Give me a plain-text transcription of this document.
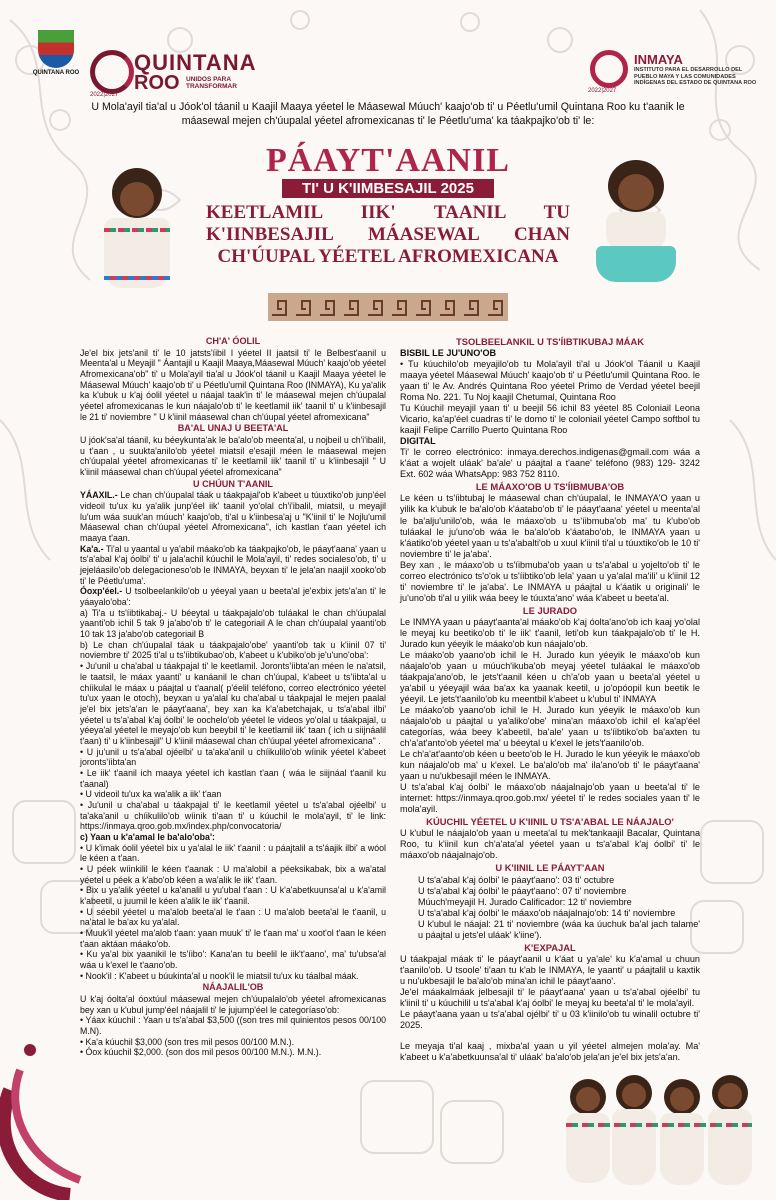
QUINTANA ROO QUINTANA
ROO UNIDOS PARA TRANSFORMAR
2022|2027
2022|2027
INMAYA
INSTITUTO PARA EL DESARROLLO DEL PUEBLO MAYA Y LAS COMUNIDADES INDÍGENAS DEL ESTADO DE QUINTANA ROO
U Mola'ayil tia'al u Jóok'ol táanil u Kaajil Maaya yéetel le Máasewal Múuch' kaajo'ob ti' u Péetlu'umil Quintana Roo ku t'aanik le máasewal mejen ch'úupalal yéetel afromexicanas ti' le Péetlu'uma' ka táakpajko'ob ti' le:
PÁAYT'AANIL
TI' U K'IIMBESAJIL 2025
KEETLAMIL IIK' TAANIL TU K'IINBESAJIL MÁASEWAL CHAN CH'ÚUPAL YÉETEL AFROMEXICANA
CH'A' ÓOLIL

Je'el bix jets'anil ti' le 10 jatsts'íibil I yéetel II jaatsil ti' le Belbest'aanil u Meenta'al u Meyajil " Áantajil u Kaajil Maaya,Máasewal Múuch' kaajo'ob yéetel Afromexicana'ob" ti' u Mola'ayil tia'al u Jóok'ol táanil u Kaajil Maaya yéetel le Máasewal Múuch' kaajo'ob ti' u Péetlu'umil Quintana Roo (INMAYA), Ku ya'alik ka k'ubuk u k'aj óolil yéetel u náajal taak'in ti' le máasewal mejen ch'úupalal yéetel afromexicanas le kun náajalo'ob ti' le keetlamil iik' taanil ti' u k'iinbesajil le 21 ti' noviembre " U k'iinil máasewal chan ch'úupal yéetel afromexicana"

BA'AL UNAJ U BEETA'AL

U jóok'sa'al táanil, ku béeykunta'ak le ba'alo'ob meenta'al, u nojbeil u ch'i'ibalil, u t'aan , u suukta'anilo'ob yéetel miatsil e'esajil méen le máasewal mejen ch'úupalal yéetel afromexicanas ti' le keetlamil iik' taanil ti' u k'iinbesajil " U k'iinil máasewal chan ch'úupal yéetel afromexicana"

U CHÚUN T'AANIL

YÁAXIL.- Le chan ch'úupalal táak u táakpajal'ob k'abeet u túuxtiko'ob junp'éel videoil tu'ux ku ya'alik junp'éel iik' taanil yo'olal ch'i'ibalil, miatsil, u meyajil lu'um wáa suuk'an múuch' kaajo'ob, ti'al u k'iinbesa'aj u "K'iinil ti' le Nojlu'umil Máasewal chan ch'úupal yéetel Afromexicana", ich kastlan t'aan yéetel ich maaya t'aan.

Ka'a.- Ti'al u yaantal u ya'abil máako'ob ka táakpajko'ob, le páayt'aana' yaan u ts'a'abal k'aj óolbi' ti' u jala'achil kúuchil le Mola'ayil, ti' redes socialeso'ob, ti' u jejeláasilo'ob delegacioneso'ob le INMAYA, beyxan ti' le jela'an naajil xooko'ob ti' le Péetlu'uma'.

Óoxp'éel.- U tsolbeelankilo'ob u yéeyal yaan u beeta'al je'exbix jets'a'an ti' le yáayalo'oba':

a) Ti'a u ts'íibtikabaj.- U béeytal u táakpajalo'ob tuláakal le chan ch'úupalal yaanti'ob ichil 5 tak 9 ja'abo'ob ti' le categoriail A le chan ch'úupalal yaanti'ob 10 tak 13 ja'abo'ob categoriail B

b) Le chan ch'úupalal táak u táakpajalo'obe' yaanti'ob tak u k'iinil 07 ti' noviembre ti' 2025 ti'al u ts'íibtikubao'ob, k'abeet u k'ubiko'ob je'u'uno'oba':

• Ju'unil u cha'abal u táakpajal ti' le keetlamil. Joronts'íibta'an méen le na'atsil, le taatsil, le máax yaantí' u kanáanil le chan ch'úupal, k'abeet u ts'íibta'al u chíikulal le máax u páajtal u t'aanal( p'éelil teléfono, correo electrónico yéetel tu'ux yaan le otoch), beyxan u ya'alal ku cha'abal u táakpajal le mejen paalal je'el bix jets'a'an le páayt'aana', bey xan ka k'a'abetchajak, u ts'a'abal ilbi' yéetel u ts'a'abal k'aj óolbi' le oochelo'ob yéetel le videos yo'olal u táakpajal, u yéeya'al yéetel le meyajo'ob kun beeybil ti' le keetlamil iik' taan ( ich u siijnáalil t'aan) ti' u k'iinbesajil" U k'iinil máasewal chan ch'úupal yéetel afromexicana" .

• U ju'unil u ts'a'abal ojéelbi' u ta'aka'anil u chíikulilo'ob wíinik yéetel k'abeet joronts'íibta'an

• Le iik' t'aanil ich maaya yéetel ich kastlan t'aan ( wáa le siijnáal t'aanil ku t'aanal)

• U videoil tu'ux ka wa'alik a iik' t'aan

• Ju'unil u cha'abal u táakpajal ti' le keetlamil yéetel u ts'a'abal ojéelbi' u ta'aka'anil u chíikulilo'ob wíinik ti'aan ti' u kúuchil le mola'ayil, ti' le link: https://inmaya.qroo.gob.mx/index.php/convocatoria/

c) Yaan u k'a'amal le ba'alo'oba':

• U k'imak óolil yéetel bix u ya'alal le iik' t'aanil : u páajtalil a ts'áajik ilbi' a wóol le kéen a t'aan.

• U péek wíinkilil le kéen t'aanak : U ma'alobil a péeksikabak, bix a wa'atal yéetel u péek a k'abo'ob kéen a wa'alik le iik' t'aan.

• Bix u ya'alik yéetel u ka'analil u yu'ubal t'aan : U k'a'abetkuunsa'al u k'a'amil k'abeetil, u juumil le kéen a'alik le iik' t'aanil.

• U séebil yéetel u ma'alob beeta'al le t'aan : U ma'alob beeta'al le t'aanil, u na'atal le ba'ax ku ya'alal.

• Muuk'il yéetel ma'alob t'aan: yaan muuk' ti' le t'aan ma' u xoot'ol t'aan le kéen t'aan aktáan máako'ob.

• Ku ya'al bix yaanikil le ts'íibo': Kana'an tu beelil le iik't'aano', ma' tu'ubsa'al wáa u k'exel le t'aano'ob.

• Nook'il : K'abeet u búukinta'al u nook'il le miatsil tu'ux ku táalbal máak.

NÁAJALIL'OB

U k'aj óolta'al óoxtúul máasewal mejen ch'úupalalo'ob yéetel afromexicanas bey xan u k'ubul jump'éel náajalil ti' le jujump'éel le categoríaso'ob:

• Yáax kúuchil : Yaan u ts'a'abal $3,500 ((son tres mil quinientos pesos 00/100 M.N).

• Ka'a kúuchil $3,000 (son tres mil pesos 00/100 M.N.).

• Óox kúuchil $2,000. (son dos mil pesos 00/100 M.N.). M.N.).

TSOLBEELANKIL U TS'ÍIBTIKUBAJ MÁAK

BISBIL LE JU'UNO'OB

• Tu kúuchilo'ob meyajilo'ob tu Mola'ayil ti'al u Jóok'ol Táanil u Kaajil maaya yéetel Máasewal Múuch' kaajo'ob ti' u Péetlu'umil Quintana Roo. le yaan ti' le Av. Andrés Quintana Roo yéetel Primo de Verdad yéetel beejil Roma No. 221. Tu Noj kaajil Chetumal, Quintana Roo

Tu Kúuchil meyajil yaan ti' u beejil 56 ichil 83 yéetel 85 Coloniail Leona Vicario, ka'ap'éel cuadras ti' le domo ti' le coloniail yéetel Campo softbol tu kaajil Felipe Carrillo Puerto Quintana Roo

DIGITAL

Ti' le correo electrónico: inmaya.derechos.indigenas@gmail.com wáa a k'áat a wojelt uláak' ba'ale' u páajtal a t'aane' teléfono (983) 129- 3242 Ext. 602 wáa WhatsApp: 983 752 8110.

LE MÁAXO'OB U TS'ÍIBMUBA'OB

Le kéen u ts'íibtubaj le máasewal chan ch'úupalal, le INMAYA'O yaan u yilik ka k'ubuk le ba'alo'ob k'áatabo'ob ti' le páayt'aana' yéetel u meenta'al le ba'alju'unilo'ob, wáa le máaxo'ob u ts'íibmuba'ob ma' tu k'ubo'ob tuláakal le ju'uno'ob wáa le ba'alo'ob k'áatabo'ob, le INMAYA yaan u k'áatiko'ob yéetel yaan u ts'a'abalti'ob u xuul k'iinil ti'al u túuxtiko'ob le 10 ti' noviembre ti' le ja'aba'.

Bey xan , le máaxo'ob u ts'íibmuba'ob yaan u ts'a'abal u yojelto'ob ti' le correo electrónico ts'o'ok u ts'íibtiko'ob lela' yaan u ya'alal ma'ili' u k'iinil 12 ti' noviembre ti' le ja'aba'. Le INMAYA u páajtal u k'áatik u originali' le ju'uno'ob ti'al u yilik wáa beey le túuxta'ano' wáa k'abeet u beeta'al.

LE JURADO

Le INMYA yaan u páayt'aanta'al máako'ob k'aj óolta'ano'ob ich kaaj yo'olal le meyaj ku beetiko'ob ti' le iik' t'aanil, leti'ob kun táakpajalo'ob ti' le H. Jurado kun yéeyik le máako'ob kun náajalo'ob.

Le máako'ob yaano'ob ichil le H. Jurado kun yéeyik le máaxo'ob kun náajalo'ob yaan u múuch'ikuba'ob meyaj yéetel tuláakal le máaxo'ob táakpaja'ano'ob, le jets't'aanil kéen u ch'a'ob yaan u beeta'al yéetel u ya'abil u yéeyajil wáa ba'ax ka yaanak keetil, u jo'opóopil kun beetik le yéeyil. Le jets't'aanilo'ob ku meentbil k'abeet u k'ubul ti' INMAYA

Le máako'ob yaano'ob ichil le H. Jurado kun yéeyik le máaxo'ob kun náajalo'ob u páajtal u ya'aliko'obe' mina'an máaxo'ob ichil el ka'ap'éel categorías, wáa beey k'abeetil, ba'ale' yaan u ts'íibtiko'ob ba'axten tu ch'a'at'anto'ob yéetel ma' u béeytal u k'exel le jets't'aanilo'ob.

Le ch'a'at'aanto'ob kéen u beeto'ob le H. Jurado le kun yéeyik le máaxo'ob kun náajalo'ob ma' u k'exel. Le ba'alo'ob ma' ila'ano'ob ti' le páayt'aana' yaan u nu'ukbesajil méen le INMAYA.

U ts'a'abal k'aj óolbi' le máaxo'ob náajalnajo'ob yaan u beeta'al ti' le internet: https://inmaya.qroo.gob.mx/ yéetel ti' le redes sociales yaan ti' le mola'ayil.

KÚUCHIL YÉETEL U K'IINIL U TS'A'ABAL LE NÁAJALO'

U k'ubul le náajalo'ob yaan u meeta'al tu mek'tankaajil Bacalar, Quintana Roo, tu k'iinil kun ch'a'ata'al yéetel yaan u ts'a'abal k'aj óolbi' ti' le máaxo'ob náajalnajo'ob.

U K'IINIL LE PÁAYT'AAN

U ts'a'abal k'aj óolbi' le páayt'aano': 03 ti' octubre

U ts'a'abal k'aj óolbi' le páayt'aano': 07 ti' noviembre

Múuch'meyajil H. Jurado Calificador: 12 ti' noviembre

U ts'a'abal k'aj óolbi' le máaxo'ob náajalnajo'ob: 14 ti' noviembre

U k'ubul le náajal: 21 ti' noviembre (wáa ka úuchuk ba'al jach talame' u páajtal u jets'el uláak' k'iine').

K'EXPAJAL

U táakpajal máak ti' le páayt'aanil u k'áat u ya'ale' ku k'a'amal u chuun t'aanilo'ob. U tsoole' ti'aan tu k'ab le INMAYA, le yaanti' u páajtalil u kaxtik u nu'ukbesajil le ba'alo'ob mina'an ichil le páayt'aano'.

Je'el máakalmáak jelbesajil ti' le páayt'aana' yaan u ts'a'abal ojéelbi' tu k'iinil ti' u kúuchilil u ts'a'abal k'aj óolbi' le meyaj ku beeta'al ti' le mola'ayil.

Le páayt'aana yaan u ts'a'abal ojélbi' ti' u 03 k'iinilo'ob tu winalil octubre ti' 2025.

Le meyaja ti'al kaaj , mixba'al yaan u yil yéetel almejen mola'ay. Ma' k'abeet u k'a'abetkuunsa'al ti' uláak' ba'alo'ob jela'an je'el bix jets'a'an.
